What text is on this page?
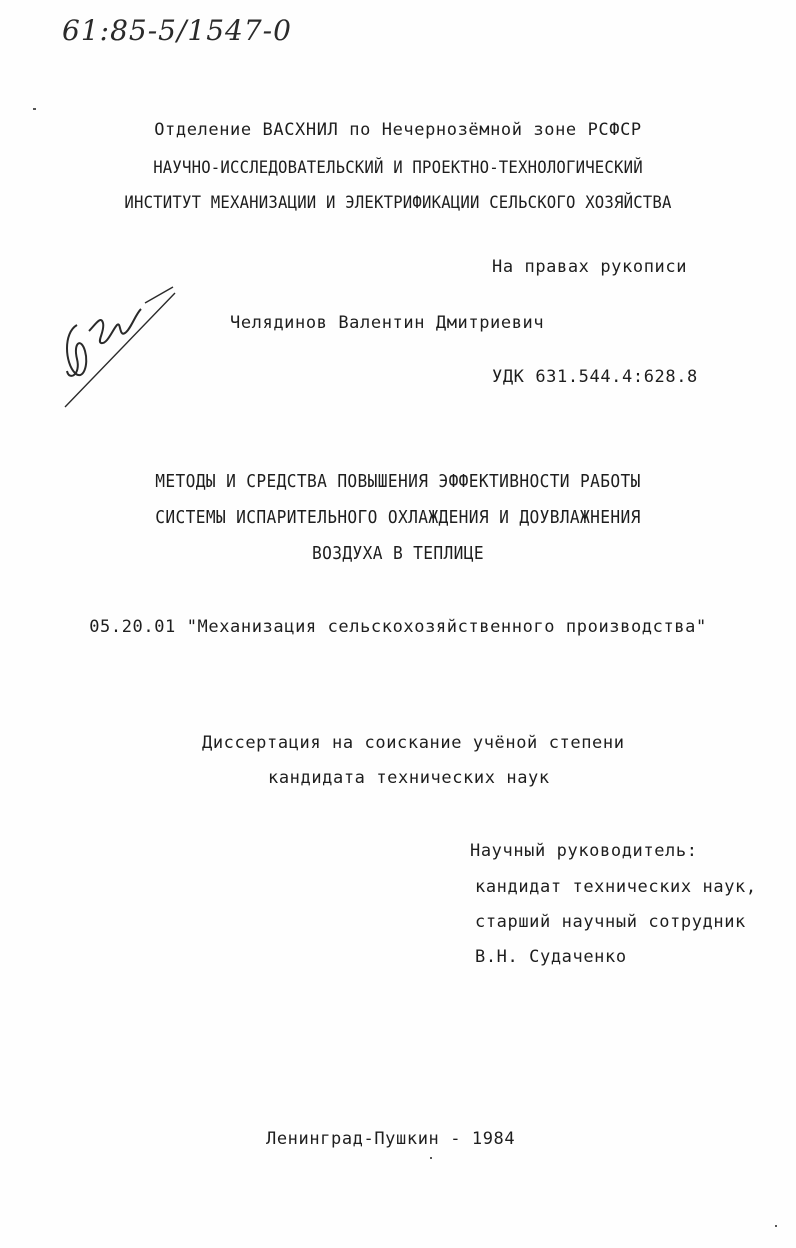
61:85-5/1547-0
Отделение ВАСХНИЛ по Нечернозёмной зоне РСФСР
НАУЧНО-ИССЛЕДОВАТЕЛЬСКИЙ И ПРОЕКТНО-ТЕХНОЛОГИЧЕСКИЙ
ИНСТИТУТ МЕХАНИЗАЦИИ И ЭЛЕКТРИФИКАЦИИ СЕЛЬСКОГО ХОЗЯЙСТВА
На правах рукописи
Челядинов Валентин Дмитриевич
УДК 631.544.4:628.8
МЕТОДЫ И СРЕДСТВА ПОВЫШЕНИЯ ЭФФЕКТИВНОСТИ РАБОТЫ
СИСТЕМЫ ИСПАРИТЕЛЬНОГО ОХЛАЖДЕНИЯ И ДОУВЛАЖНЕНИЯ
ВОЗДУХА В ТЕПЛИЦЕ
05.20.01 "Механизация сельскохозяйственного производства"
Диссертация на соискание учёной степени
кандидата технических наук
Научный руководитель:
кандидат технических наук,
старший научный сотрудник
В.Н. Судаченко
Ленинград-Пушкин - 1984
